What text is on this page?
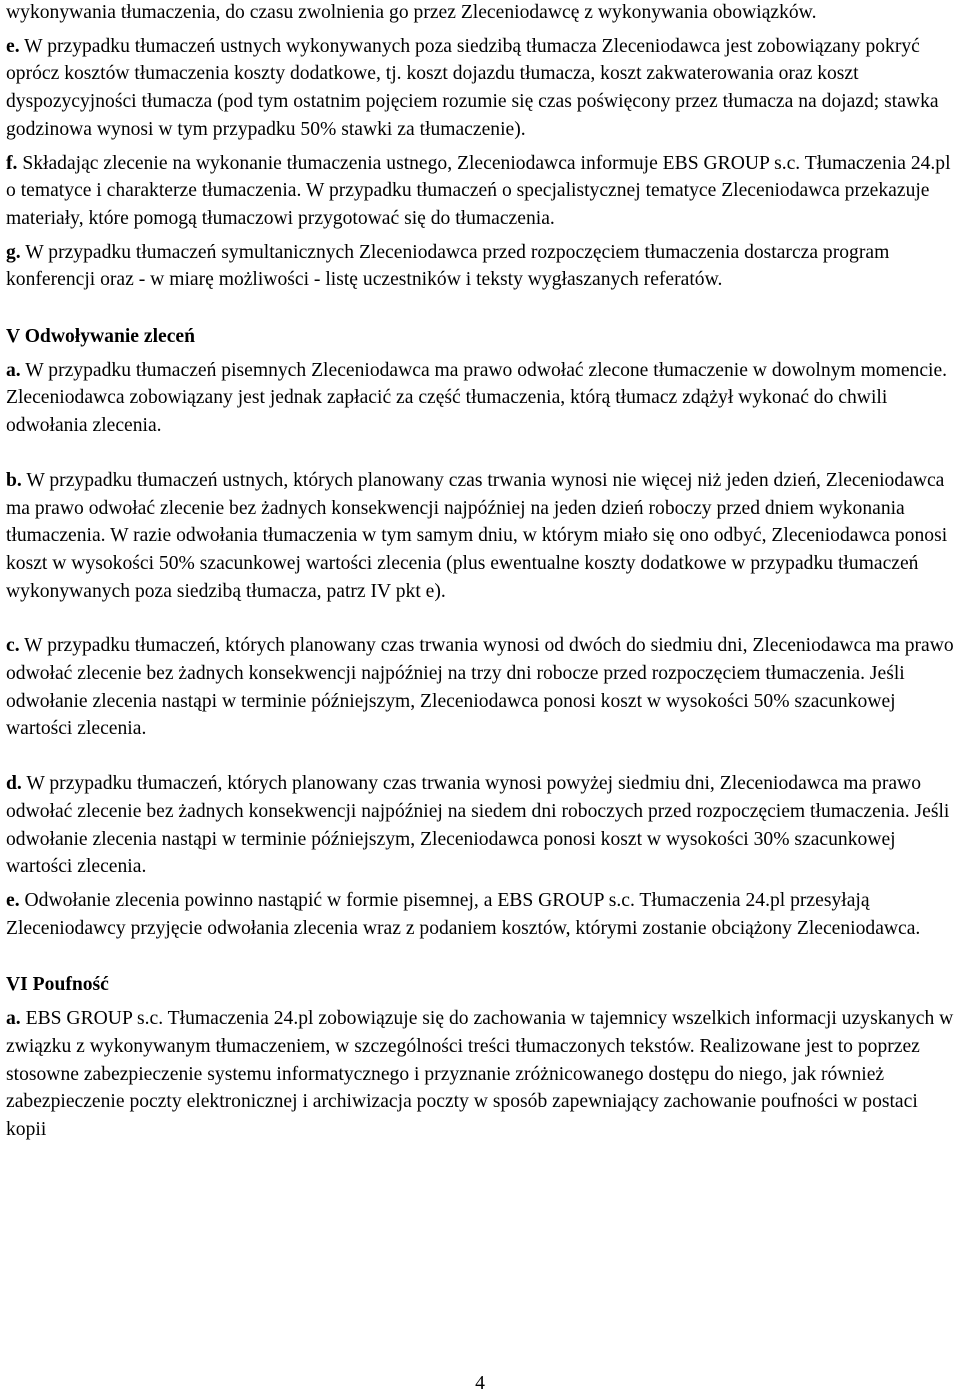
wykonywania tłumaczenia, do czasu zwolnienia go przez Zleceniodawcę z wykonywania obowiązków.

e. W przypadku tłumaczeń ustnych wykonywanych poza siedzibą tłumacza Zleceniodawca jest zobowiązany pokryć oprócz kosztów tłumaczenia koszty dodatkowe, tj. koszt dojazdu tłumacza, koszt zakwaterowania oraz koszt dyspozycyjności tłumacza (pod tym ostatnim pojęciem rozumie się czas poświęcony przez tłumacza na dojazd; stawka godzinowa wynosi w tym przypadku 50% stawki za tłumaczenie).

f. Składając zlecenie na wykonanie tłumaczenia ustnego, Zleceniodawca informuje EBS GROUP s.c. Tłumaczenia 24.pl o tematyce i charakterze tłumaczenia. W przypadku tłumaczeń o specjalistycznej tematyce Zleceniodawca przekazuje materiały, które pomogą tłumaczowi przygotować się do tłumaczenia.

g. W przypadku tłumaczeń symultanicznych Zleceniodawca przed rozpoczęciem tłumaczenia dostarcza program konferencji oraz - w miarę możliwości - listę uczestników i teksty wygłaszanych referatów.

V Odwoływanie zleceń

a. W przypadku tłumaczeń pisemnych Zleceniodawca ma prawo odwołać zlecone tłumaczenie w dowolnym momencie. Zleceniodawca zobowiązany jest jednak zapłacić za część tłumaczenia, którą tłumacz zdążył wykonać do chwili odwołania zlecenia.

b. W przypadku tłumaczeń ustnych, których planowany czas trwania wynosi nie więcej niż jeden dzień, Zleceniodawca ma prawo odwołać zlecenie bez żadnych konsekwencji najpóźniej na jeden dzień roboczy przed dniem wykonania tłumaczenia. W razie odwołania tłumaczenia w tym samym dniu, w którym miało się ono odbyć, Zleceniodawca ponosi koszt w wysokości 50% szacunkowej wartości zlecenia (plus ewentualne koszty dodatkowe w przypadku tłumaczeń wykonywanych poza siedzibą tłumacza, patrz IV pkt e).

c. W przypadku tłumaczeń, których planowany czas trwania wynosi od dwóch do siedmiu dni, Zleceniodawca ma prawo odwołać zlecenie bez żadnych konsekwencji najpóźniej na trzy dni robocze przed rozpoczęciem tłumaczenia. Jeśli odwołanie zlecenia nastąpi w terminie późniejszym, Zleceniodawca ponosi koszt w wysokości 50% szacunkowej wartości zlecenia.

d. W przypadku tłumaczeń, których planowany czas trwania wynosi powyżej siedmiu dni, Zleceniodawca ma prawo odwołać zlecenie bez żadnych konsekwencji najpóźniej na siedem dni roboczych przed rozpoczęciem tłumaczenia. Jeśli odwołanie zlecenia nastąpi w terminie późniejszym, Zleceniodawca ponosi koszt w wysokości 30% szacunkowej wartości zlecenia.

e. Odwołanie zlecenia powinno nastąpić w formie pisemnej, a EBS GROUP s.c. Tłumaczenia 24.pl przesyłają Zleceniodawcy przyjęcie odwołania zlecenia wraz z podaniem kosztów, którymi zostanie obciążony Zleceniodawca.

VI Poufność

a. EBS GROUP s.c. Tłumaczenia 24.pl zobowiązuje się do zachowania w tajemnicy wszelkich informacji uzyskanych w związku z wykonywanym tłumaczeniem, w szczególności treści tłumaczonych tekstów. Realizowane jest to poprzez stosowne zabezpieczenie systemu informatycznego i przyznanie zróżnicowanego dostępu do niego, jak również zabezpieczenie poczty elektronicznej i archiwizacja poczty w sposób zapewniający zachowanie poufności w postaci kopii

4
